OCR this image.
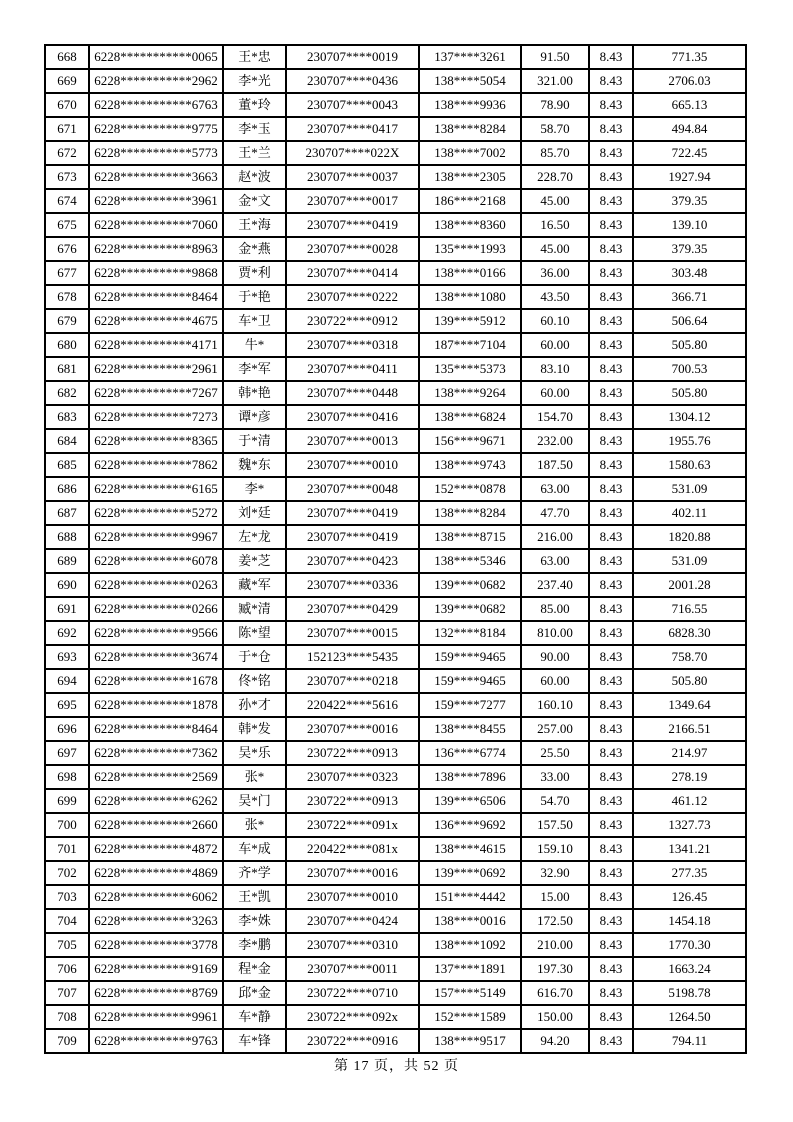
668	6228***********0065	王*忠	230707****0019	137****3261	91.50	8.43	771.35
669	6228***********2962	李*光	230707****0436	138****5054	321.00	8.43	2706.03
670	6228***********6763	董*玲	230707****0043	138****9936	78.90	8.43	665.13
671	6228***********9775	李*玉	230707****0417	138****8284	58.70	8.43	494.84
672	6228***********5773	王*兰	230707****022X	138****7002	85.70	8.43	722.45
673	6228***********3663	赵*波	230707****0037	138****2305	228.70	8.43	1927.94
674	6228***********3961	金*文	230707****0017	186****2168	45.00	8.43	379.35
675	6228***********7060	王*海	230707****0419	138****8360	16.50	8.43	139.10
676	6228***********8963	金*燕	230707****0028	135****1993	45.00	8.43	379.35
677	6228***********9868	贾*利	230707****0414	138****0166	36.00	8.43	303.48
678	6228***********8464	于*艳	230707****0222	138****1080	43.50	8.43	366.71
679	6228***********4675	车*卫	230722****0912	139****5912	60.10	8.43	506.64
680	6228***********4171	牛*	230707****0318	187****7104	60.00	8.43	505.80
681	6228***********2961	李*军	230707****0411	135****5373	83.10	8.43	700.53
682	6228***********7267	韩*艳	230707****0448	138****9264	60.00	8.43	505.80
683	6228***********7273	谭*彦	230707****0416	138****6824	154.70	8.43	1304.12
684	6228***********8365	于*清	230707****0013	156****9671	232.00	8.43	1955.76
685	6228***********7862	魏*东	230707****0010	138****9743	187.50	8.43	1580.63
686	6228***********6165	李*	230707****0048	152****0878	63.00	8.43	531.09
687	6228***********5272	刘*廷	230707****0419	138****8284	47.70	8.43	402.11
688	6228***********9967	左*龙	230707****0419	138****8715	216.00	8.43	1820.88
689	6228***********6078	姜*芝	230707****0423	138****5346	63.00	8.43	531.09
690	6228***********0263	藏*军	230707****0336	139****0682	237.40	8.43	2001.28
691	6228***********0266	臧*清	230707****0429	139****0682	85.00	8.43	716.55
692	6228***********9566	陈*望	230707****0015	132****8184	810.00	8.43	6828.30
693	6228***********3674	于*仓	152123****5435	159****9465	90.00	8.43	758.70
694	6228***********1678	佟*铭	230707****0218	159****9465	60.00	8.43	505.80
695	6228***********1878	孙*才	220422****5616	159****7277	160.10	8.43	1349.64
696	6228***********8464	韩*发	230707****0016	138****8455	257.00	8.43	2166.51
697	6228***********7362	吴*乐	230722****0913	136****6774	25.50	8.43	214.97
698	6228***********2569	张*	230707****0323	138****7896	33.00	8.43	278.19
699	6228***********6262	吴*门	230722****0913	139****6506	54.70	8.43	461.12
700	6228***********2660	张*	230722****091x	136****9692	157.50	8.43	1327.73
701	6228***********4872	车*成	220422****081x	138****4615	159.10	8.43	1341.21
702	6228***********4869	齐*学	230707****0016	139****0692	32.90	8.43	277.35
703	6228***********6062	王*凯	230707****0010	151****4442	15.00	8.43	126.45
704	6228***********3263	李*姝	230707****0424	138****0016	172.50	8.43	1454.18
705	6228***********3778	李*鹏	230707****0310	138****1092	210.00	8.43	1770.30
706	6228***********9169	程*金	230707****0011	137****1891	197.30	8.43	1663.24
707	6228***********8769	邱*金	230722****0710	157****5149	616.70	8.43	5198.78
708	6228***********9961	车*静	230722****092x	152****1589	150.00	8.43	1264.50
709	6228***********9763	车*锋	230722****0916	138****9517	94.20	8.43	794.11
第 17 页，共 52 页
